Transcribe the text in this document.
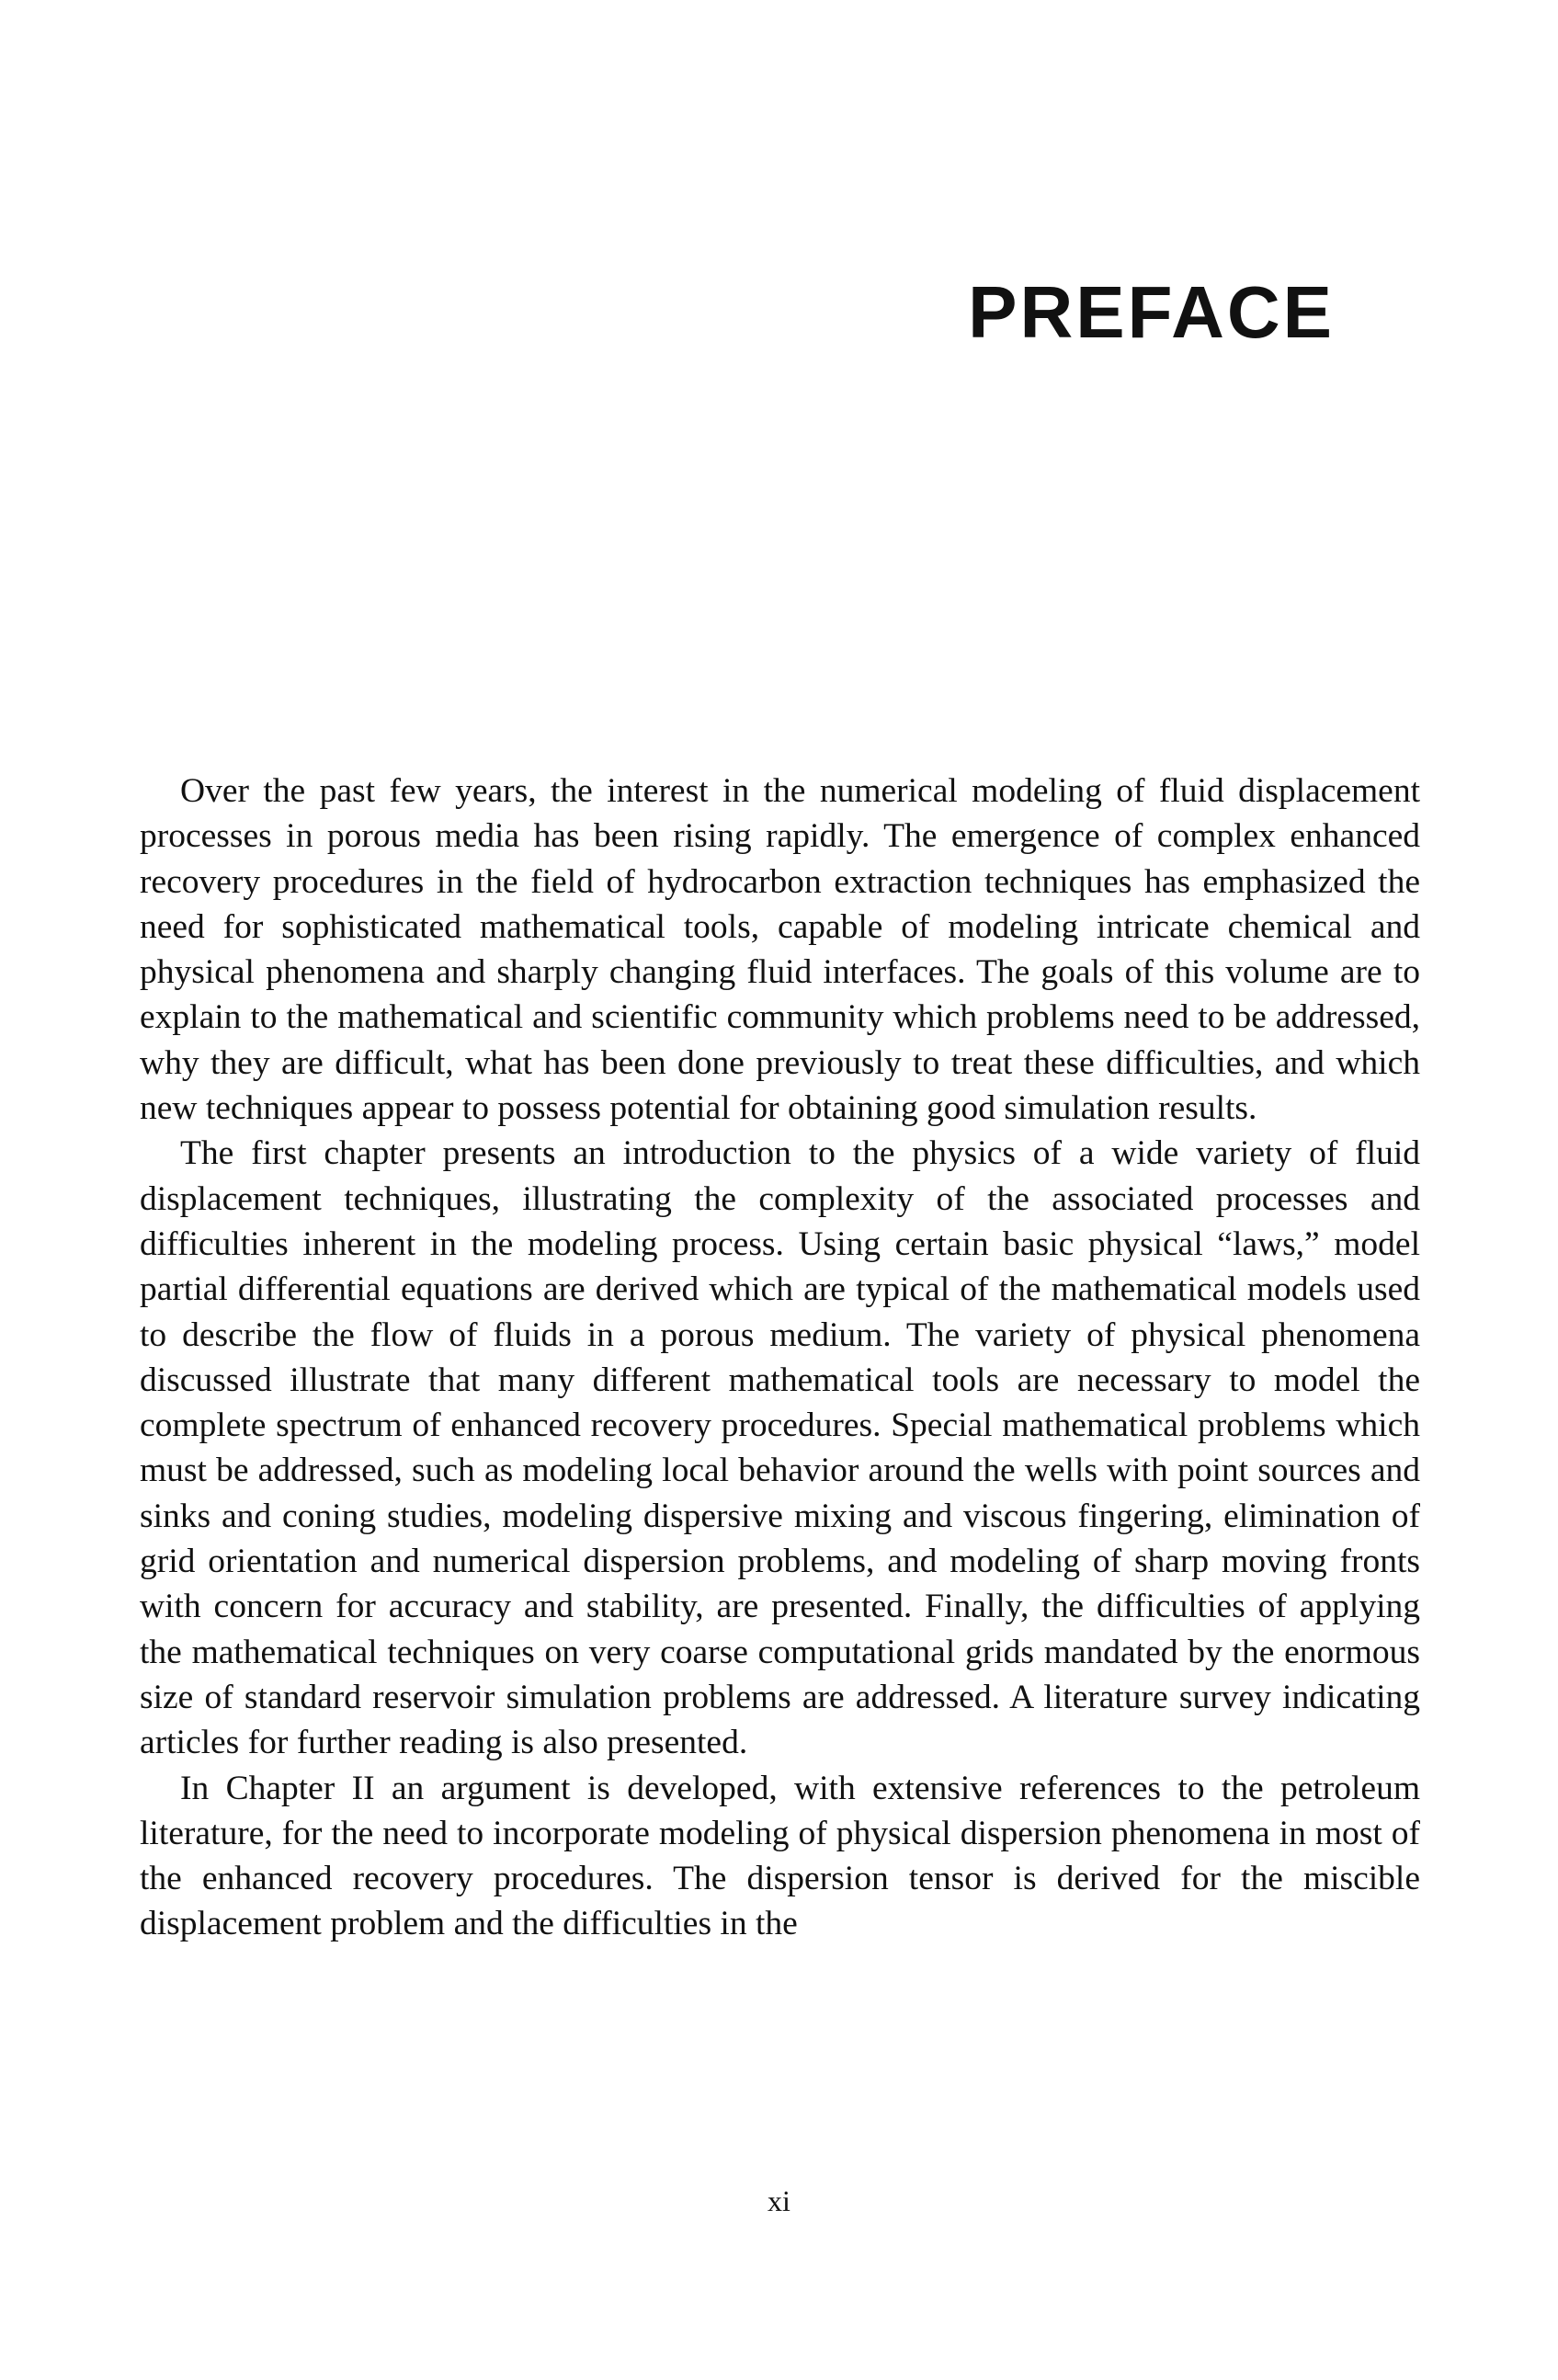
PREFACE

Over the past few years, the interest in the numerical modeling of fluid displacement processes in porous media has been rising rapidly. The emergence of complex enhanced recovery procedures in the field of hydrocarbon extraction techniques has emphasized the need for sophisticated mathematical tools, capable of modeling intricate chemical and physical phenomena and sharply changing fluid interfaces. The goals of this volume are to explain to the mathematical and scientific community which problems need to be addressed, why they are difficult, what has been done previously to treat these difficulties, and which new techniques appear to possess potential for obtaining good simulation results.

The first chapter presents an introduction to the physics of a wide variety of fluid displacement techniques, illustrating the complexity of the associated processes and difficulties inherent in the modeling process. Using certain basic physical “laws,” model partial differential equations are derived which are typical of the mathematical models used to describe the flow of fluids in a porous medium. The variety of physical phenomena discussed illustrate that many different mathematical tools are necessary to model the complete spectrum of enhanced recovery procedures. Special mathematical problems which must be addressed, such as modeling local behavior around the wells with point sources and sinks and coning studies, modeling dispersive mixing and viscous fingering, elimination of grid orientation and numerical dispersion problems, and modeling of sharp moving fronts with concern for accuracy and stability, are presented. Finally, the difficulties of applying the mathematical techniques on very coarse computational grids mandated by the enormous size of standard reservoir simulation problems are addressed. A literature survey indicating articles for further reading is also presented.

In Chapter II an argument is developed, with extensive references to the petroleum literature, for the need to incorporate modeling of physical dispersion phenomena in most of the enhanced recovery procedures. The dispersion tensor is derived for the miscible displacement problem and the difficulties in the

xi
